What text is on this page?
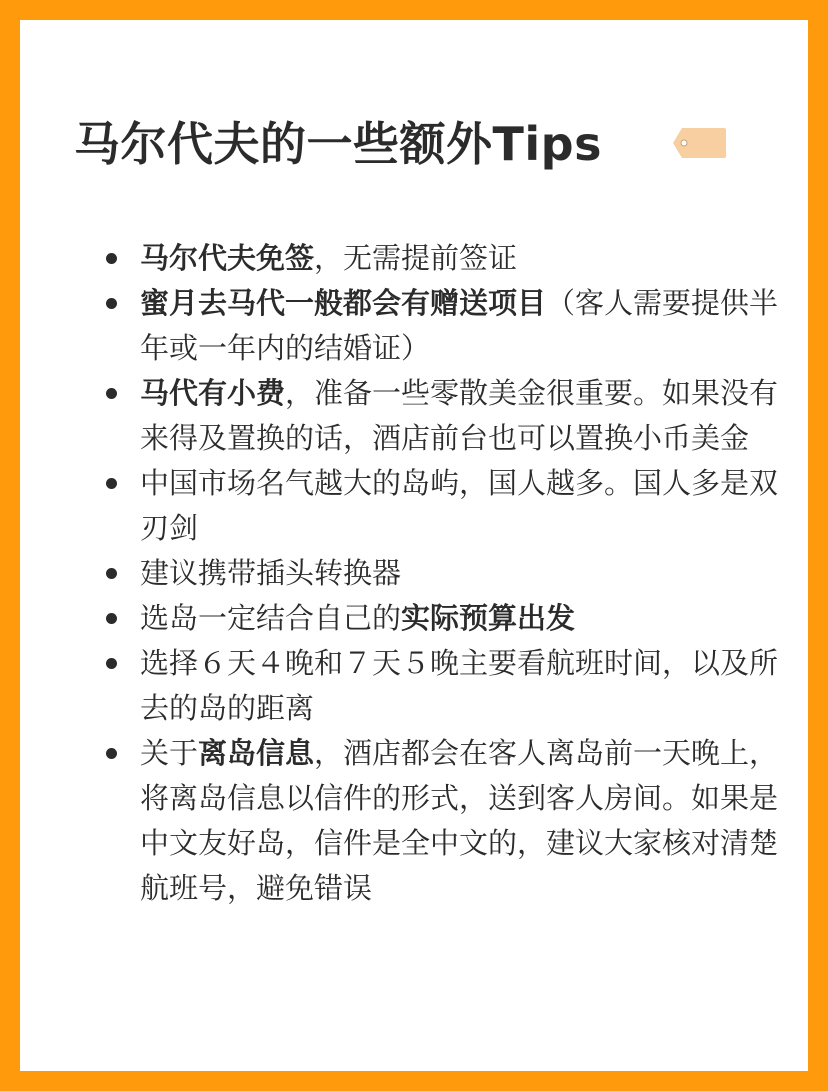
马尔代夫的一些额外Tips
马尔代夫免签，无需提前签证
蜜月去马代一般都会有赠送项目（客人需要提供半年或一年内的结婚证）
马代有小费，准备一些零散美金很重要。如果没有来得及置换的话，酒店前台也可以置换小币美金
中国市场名气越大的岛屿，国人越多。国人多是双刃剑
建议携带插头转换器
选岛一定结合自己的实际预算出发
选择６天４晚和７天５晚主要看航班时间，以及所去的岛的距离
关于离岛信息，酒店都会在客人离岛前一天晚上，将离岛信息以信件的形式，送到客人房间。如果是中文友好岛，信件是全中文的，建议大家核对清楚航班号，避免错误
